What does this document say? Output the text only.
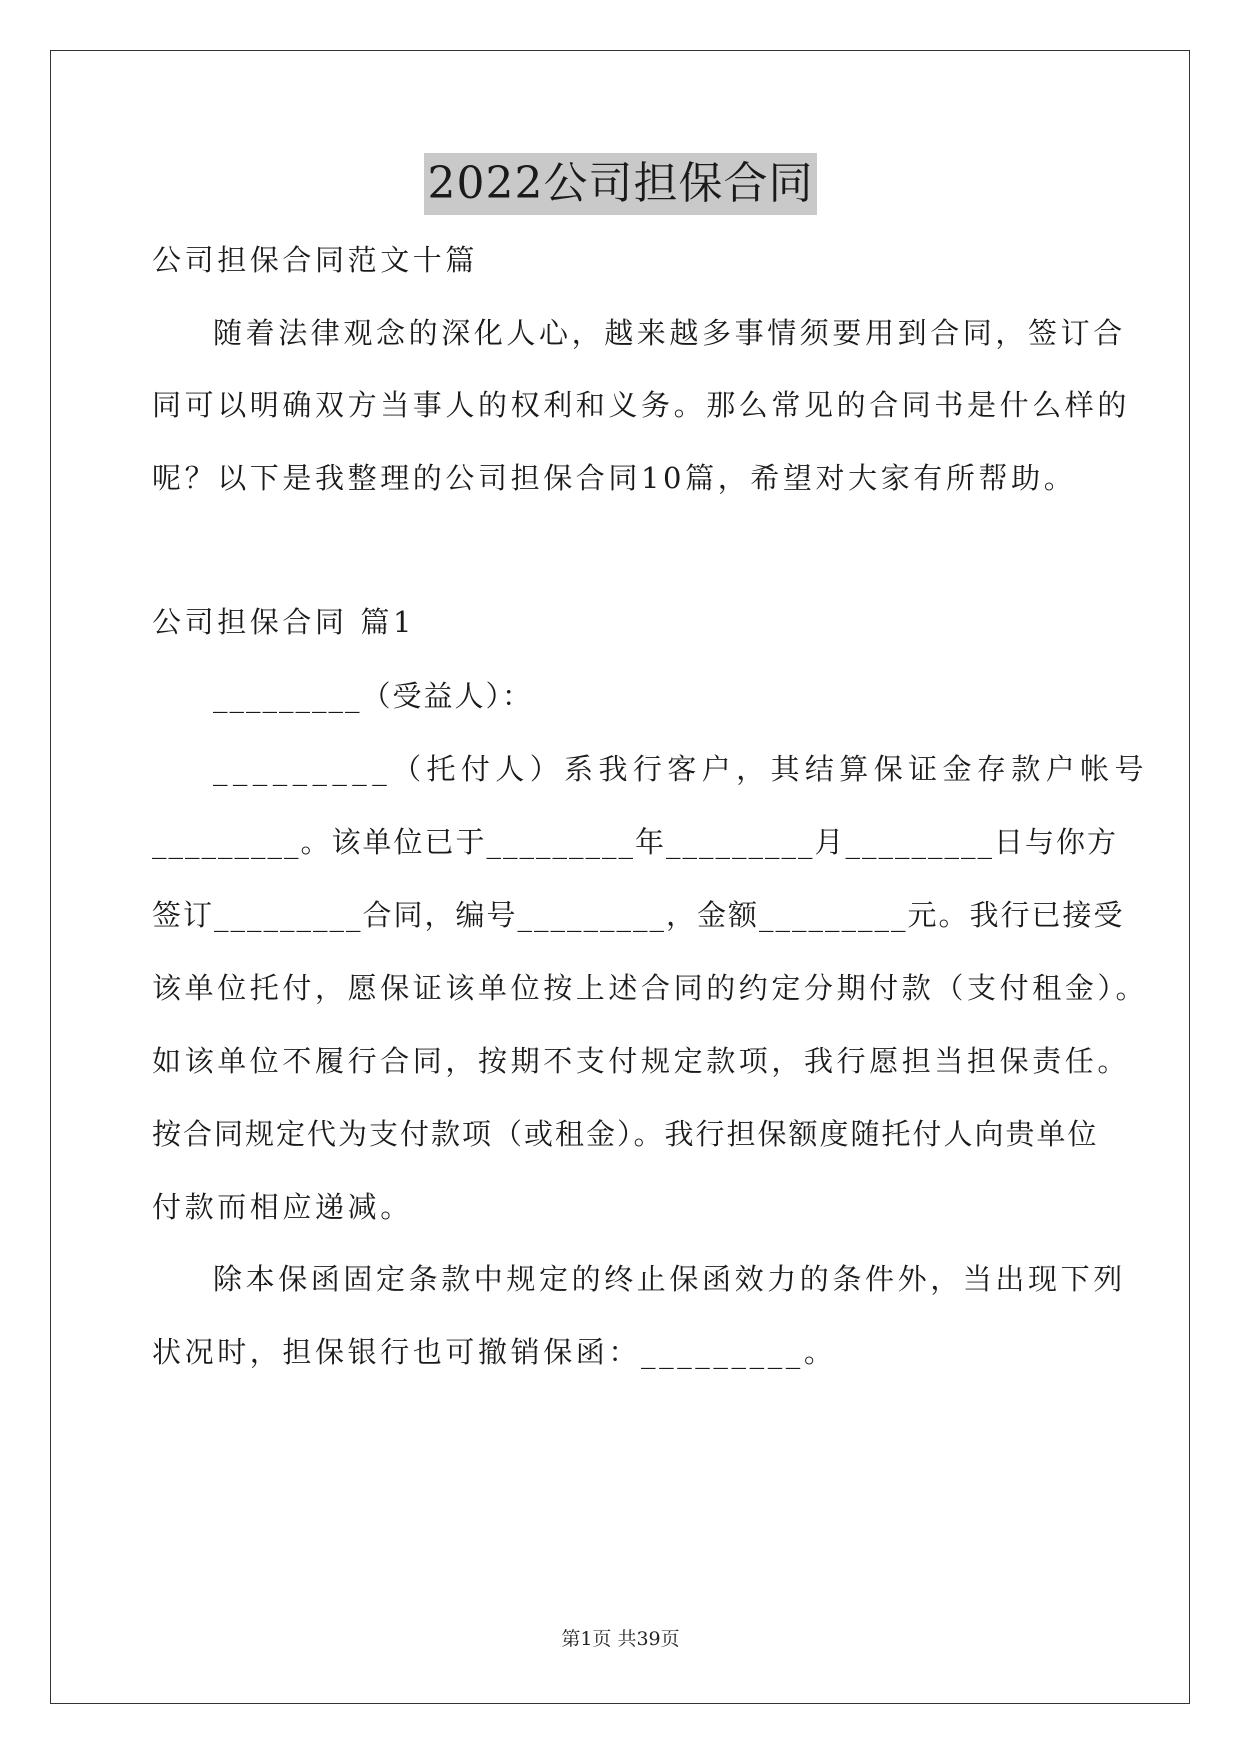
2022公司担保合同
公司担保合同范文十篇
随着法律观念的深化人心，越来越多事情须要用到合同，签订合
同可以明确双方当事人的权利和义务。那么常见的合同书是什么样的
呢？以下是我整理的公司担保合同10篇，希望对大家有所帮助。
公司担保合同 篇1
_________（受益人）：
_________（托付人）系我行客户，其结算保证金存款户帐号
_________。该单位已于_________年_________月_________日与你方
签订_________合同，编号_________，金额_________元。我行已接受
该单位托付，愿保证该单位按上述合同的约定分期付款（支付租金）。
如该单位不履行合同，按期不支付规定款项，我行愿担当担保责任。
按合同规定代为支付款项（或租金）。我行担保额度随托付人向贵单位
付款而相应递减。
除本保函固定条款中规定的终止保函效力的条件外，当出现下列
状况时，担保银行也可撤销保函：_________。
第1页 共39页
